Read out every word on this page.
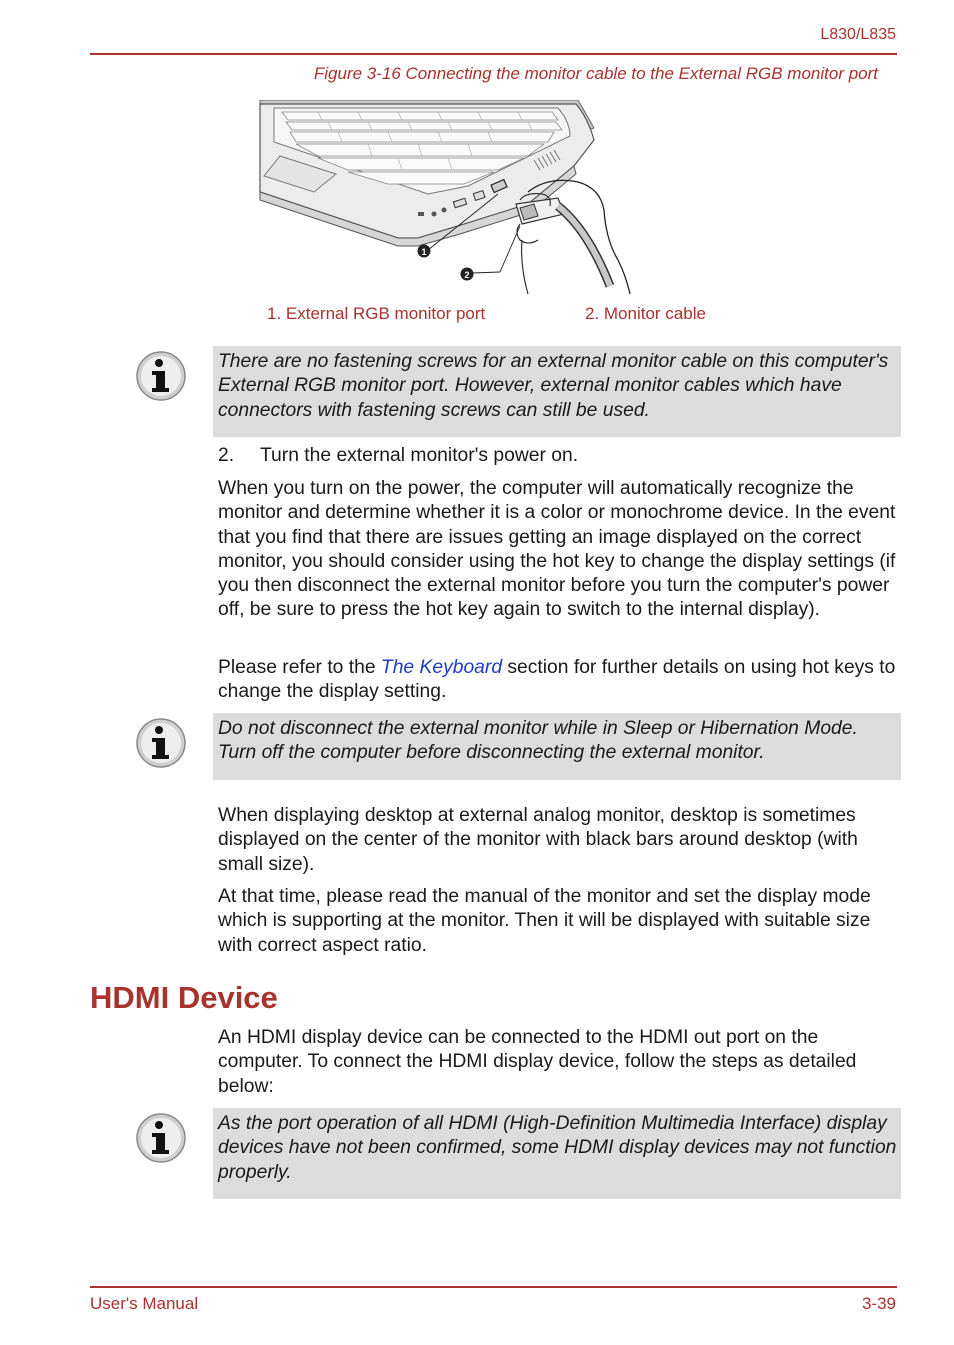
L830/L835
Figure 3-16 Connecting the monitor cable to the External RGB monitor port
1
2
1. External RGB monitor port	2. Monitor cable
There are no fastening screws for an external monitor cable on this computer's External RGB monitor port. However, external monitor cables which have connectors with fastening screws can still be used.
2. Turn the external monitor's power on.
When you turn on the power, the computer will automatically recognize the monitor and determine whether it is a color or monochrome device. In the event that you find that there are issues getting an image displayed on the correct monitor, you should consider using the hot key to change the display settings (if you then disconnect the external monitor before you turn the computer's power off, be sure to press the hot key again to switch to the internal display).
Please refer to the The Keyboard section for further details on using hot keys to change the display setting.
Do not disconnect the external monitor while in Sleep or Hibernation Mode. Turn off the computer before disconnecting the external monitor.
When displaying desktop at external analog monitor, desktop is sometimes displayed on the center of the monitor with black bars around desktop (with small size).
At that time, please read the manual of the monitor and set the display mode which is supporting at the monitor. Then it will be displayed with suitable size with correct aspect ratio.
HDMI Device
An HDMI display device can be connected to the HDMI out port on the computer. To connect the HDMI display device, follow the steps as detailed below:
As the port operation of all HDMI (High-Definition Multimedia Interface) display devices have not been confirmed, some HDMI display devices may not function properly.
User's Manual	3-39
